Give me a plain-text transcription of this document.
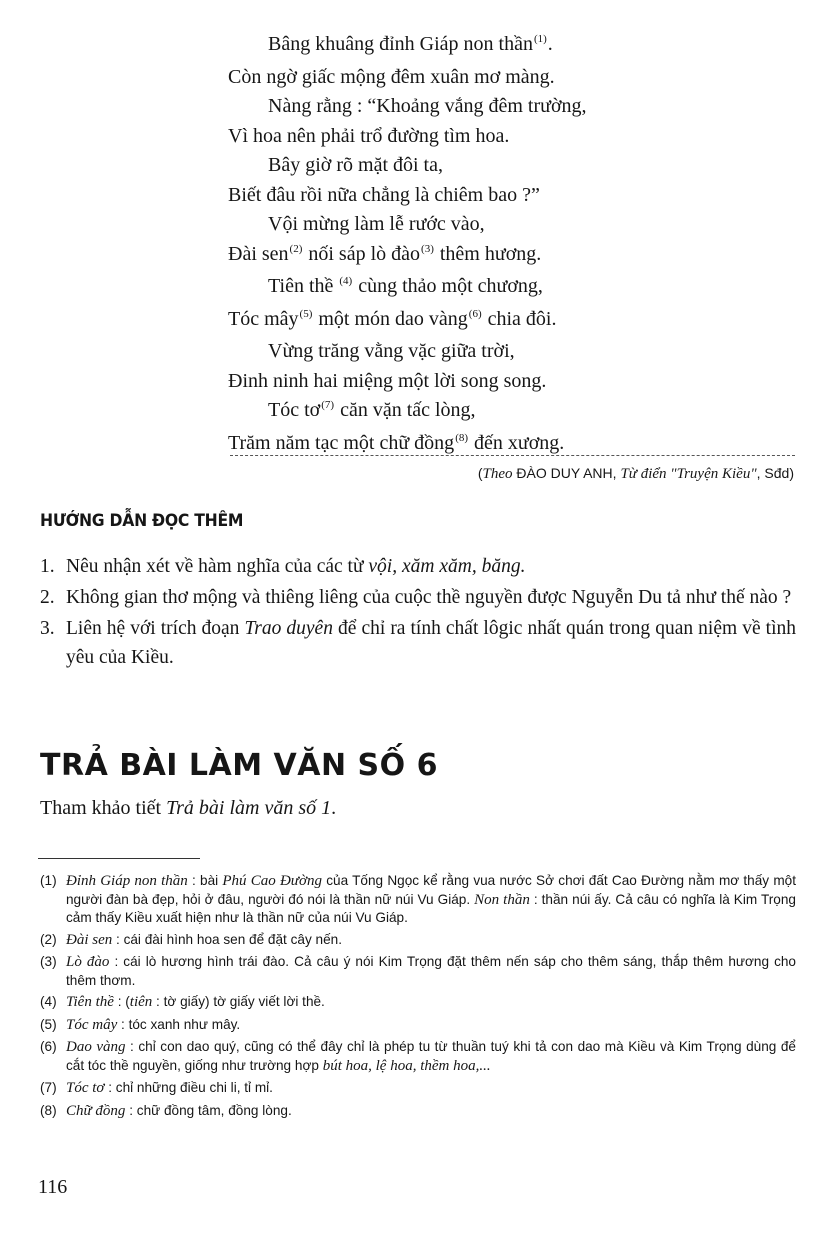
Bâng khuâng đỉnh Giáp non thần$^{(1)}$.
Còn ngờ giấc mộng đêm xuân mơ màng.
Nàng rằng : “Khoảng vắng đêm trường,
Vì hoa nên phải trổ đường tìm hoa.
Bây giờ rõ mặt đôi ta,
Biết đâu rồi nữa chẳng là chiêm bao ?”
Vội mừng làm lễ rước vào,
Đài sen$^{(2)}$ nối sáp lò đào$^{(3)}$ thêm hương.
Tiên thề $^{(4)}$ cùng thảo một chương,
Tóc mây$^{(5)}$ một món dao vàng$^{(6)}$ chia đôi.
Vừng trăng vằng vặc giữa trời,
Đinh ninh hai miệng một lời song song.
Tóc $tơ^{(7)}$ căn vặn tấc lòng,
Trăm năm tạc một chữ đồng$^{(8)}$ đến xương.
(Theo ĐÀO DUY ANH, Từ điển "Truyện Kiều", Sđd)
HƯỚNG DẪN ĐỌC THÊM
1. Nêu nhận xét về hàm nghĩa của các từ vội, xăm xăm, băng.
2. Không gian thơ mộng và thiêng liêng của cuộc thề nguyền được Nguyễn Du tả như thế nào ?
3. Liên hệ với trích đoạn Trao duyên để chỉ ra tính chất lôgic nhất quán trong quan niệm về tình yêu của Kiều.
TRẢ BÀI LÀM VĂN SỐ 6
Tham khảo tiết Trả bài làm văn số 1.
(1) Đỉnh Giáp non thần : bài Phú Cao Đường của Tống Ngọc kể rằng vua nước Sở chơi đất Cao Đường nằm mơ thấy một người đàn bà đẹp, hỏi ở đâu, người đó nói là thần nữ núi Vu Giáp. Non thần : thần núi ấy. Cả câu có nghĩa là Kim Trọng cảm thấy Kiều xuất hiện như là thần nữ của núi Vu Giáp.
(2) Đài sen : cái đài hình hoa sen để đặt cây nến.
(3) Lò đào : cái lò hương hình trái đào. Cả câu ý nói Kim Trọng đặt thêm nến sáp cho thêm sáng, thắp thêm hương cho thêm thơm.
(4) Tiên thề : (tiên : tờ giấy) tờ giấy viết lời thề.
(5) Tóc mây : tóc xanh như mây.
(6) Dao vàng : chỉ con dao quý, cũng có thể đây chỉ là phép tu từ thuần tuý khi tả con dao mà Kiều và Kim Trọng dùng để cắt tóc thề nguyền, giống như trường hợp bút hoa, lệ hoa, thềm hoa,...
(7) Tóc tơ : chỉ những điều chi li, tỉ mỉ.
(8) Chữ đồng : chữ đồng tâm, đồng lòng.
116
